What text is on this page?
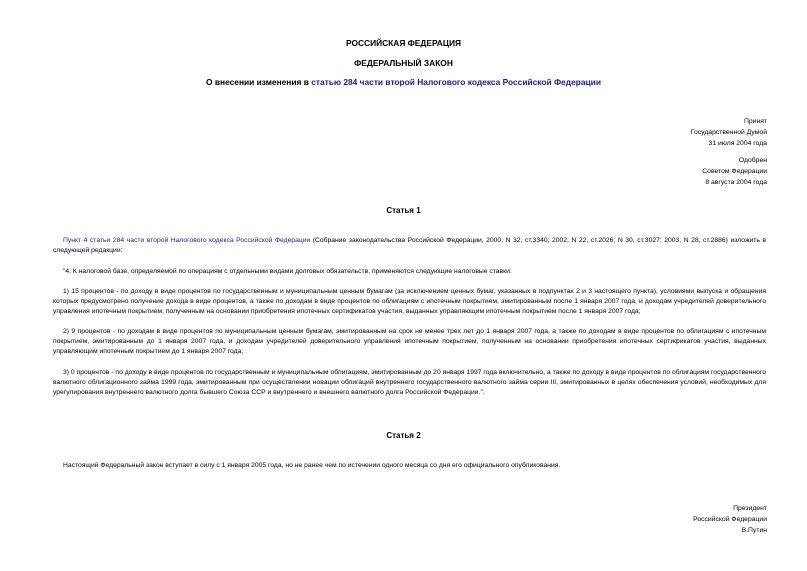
РОССИЙСКАЯ ФЕДЕРАЦИЯ
ФЕДЕРАЛЬНЫЙ ЗАКОН
О внесении изменения в статью 284 части второй Налогового кодекса Российской Федерации
Принят
Государственной Думой
31 июля 2004 года
Одобрен
Советом Федерации
8 августа 2004 года
Статья 1
Пункт 4 статьи 284 части второй Налогового кодекса Российской Федерации (Собрание законодательства Российской Федерации, 2000, N 32, ст.3340; 2002, N 22, ст.2026; N 30, ст.3027; 2003, N 28, ст.2886) изложить в следующей редакции:
"4. К налоговой базе, определяемой по операциям с отдельными видами долговых обязательств, применяются следующие налоговые ставки:
1) 15 процентов - по доходу в виде процентов по государственным и муниципальным ценным бумагам (за исключением ценных бумаг, указанных в подпунктах 2 и 3 настоящего пункта), условиями выпуска и обращения которых предусмотрено получение дохода в виде процентов, а также по доходам в виде процентов по облигациям с ипотечным покрытием, эмитированным после 1 января 2007 года, и доходам учредителей доверительного управления ипотечным покрытием, полученным на основании приобретения ипотечных сертификатов участия, выданных управляющим ипотечным покрытием после 1 января 2007 года;
2) 9 процентов - по доходам в виде процентов по муниципальным ценным бумагам, эмитированным на срок не менее трех лет до 1 января 2007 года, а также по доходам в виде процентов по облигациям с ипотечным покрытием, эмитированным до 1 января 2007 года, и доходам учредителей доверительного управления ипотечным покрытием, полученным на основании приобретения ипотечных сертификатов участия, выданных управляющим ипотечным покрытием до 1 января 2007 года;
3) 0 процентов - по доходу в виде процентов по государственным и муниципальным облигациям, эмитированным до 20 января 1997 года включительно, а также по доходу в виде процентов по облигациям государственного валютного облигационного займа 1999 года, эмитированным при осуществлении новации облигаций внутреннего государственного валютного займа серии III, эмитированных в целях обеспечения условий, необходимых для урегулирования внутреннего валютного долга бывшего Союза ССР и внутреннего и внешнего валютного долга Российской Федерации.".
Статья 2
Настоящий Федеральный закон вступает в силу с 1 января 2005 года, но не ранее чем по истечении одного месяца со дня его официального опубликования.
Президент
Российской Федерации
В.Путин
